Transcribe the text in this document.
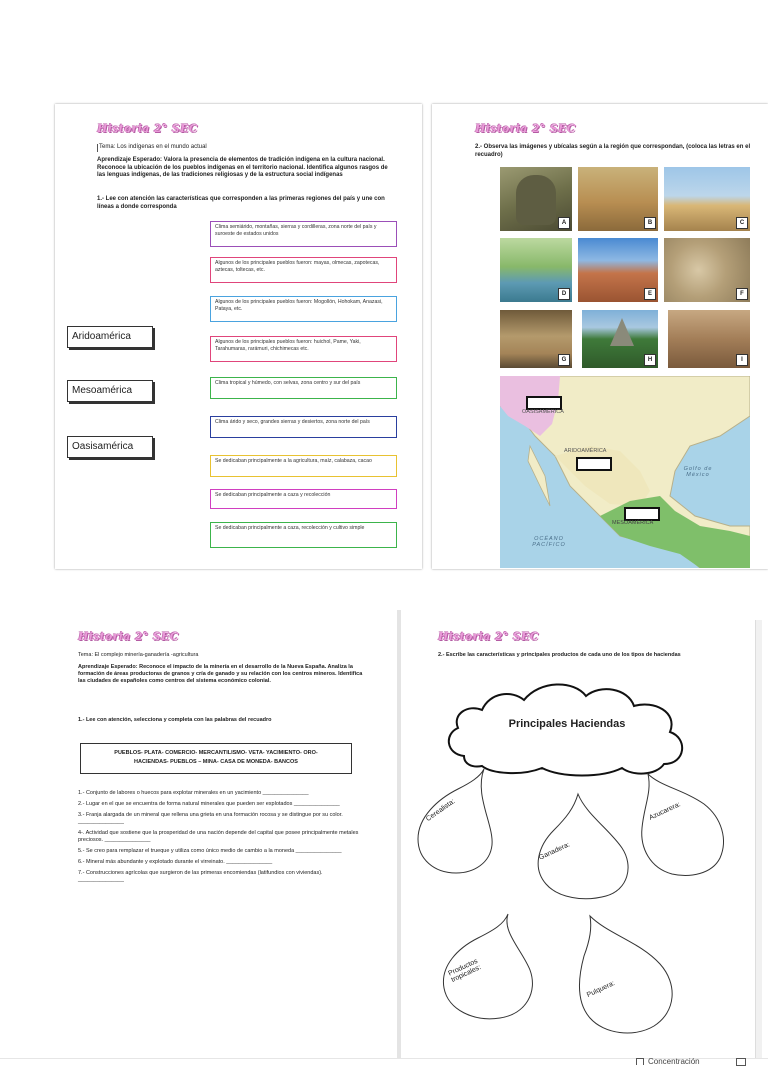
Historia 2° SEC
Tema: Los indígenas en el mundo actual
Aprendizaje Esperado: Valora la presencia de elementos de tradición indígena en la cultura nacional. Reconoce la ubicación de los pueblos indígenas en el territorio nacional. Identifica algunos rasgos de las lenguas indígenas, de las tradiciones religiosas y de la estructura social indígenas
1.- Lee con atención las características que corresponden a las primeras regiones del país y une con líneas a donde corresponda
Aridoamérica
Mesoamérica
Oasisamérica
Clima semiárido, montañas, sierras y cordilleras, zona norte del país y suroeste de estados unidos
Algunos de los principales pueblos fueron: mayas, olmecas, zapotecas, aztecas, toltecas, etc.
Algunos de los principales pueblos fueron: Mogollón, Hohokam, Anazasi, Pataya, etc.
Algunos de los principales pueblos fueron: huichol, Pame, Yaki, Tarahumaras, rarámuri, chichimecas etc.
Clima tropical y húmedo, con selvas, zona centro y sur del país
Clima árido y seco, grandes sierras y desiertos, zona norte del país
Se dedicaban principalmente a la agricultura, maíz, calabaza, cacao
Se dedicaban principalmente a caza y recolección
Se dedicaban principalmente a caza, recolección y cultivo simple
Historia 2° SEC
2.- Observa las imágenes y ubícalas según a la región que correspondan, (coloca las letras en el recuadro)
A	B	C
D	E	F
G	H	I
OASISAMÉRICA
ARIDOAMÉRICA
MESOAMÉRICA
Golfo de México
OCÉANO PACÍFICO
Historia 2° SEC
Tema: El complejo minería-ganadería -agricultura
Aprendizaje Esperado: Reconoce el impacto de la minería en el desarrollo de la Nueva España. Analiza la formación de áreas productoras de granos y cría de ganado y su relación con los centros mineros. Identifica las ciudades de españoles como centros del sistema económico colonial.
1.- Lee con atención, selecciona y completa con las palabras del recuadro
PUEBLOS- PLATA- COMERCIO- MERCANTILISMO- VETA- YACIMIENTO- ORO-
HACIENDAS- PUEBLOS – MINA- CASA DE MONEDA- BANCOS
1.- Conjunto de labores o huecos para explotar minerales en un yacimiento _______________
2.- Lugar en el que se encuentra de forma natural minerales que pueden ser explotados _______________
3.- Franja alargada de un mineral que rellena una grieta en una formación rocosa y se distingue por su color. _______________
4-. Actividad que sostiene que la prosperidad de una nación depende del capital que posee principalmente metales preciosos. _______________
5.- Se creo para remplazar el trueque y utiliza como único medio de cambio a la moneda _______________
6.- Mineral más abundante y explotado durante el virreinato. _______________
7.- Construcciones agrícolas que surgieron de las primeras encomiendas (latifundios con viviendas). _______________
Historia 2° SEC
2.- Escribe las características y principales productos de cada uno de los tipos de haciendas
Principales Haciendas
Cerealista:	Azucarera:
Ganadera:
Productos tropicales:
Pulquera:
Concentración
